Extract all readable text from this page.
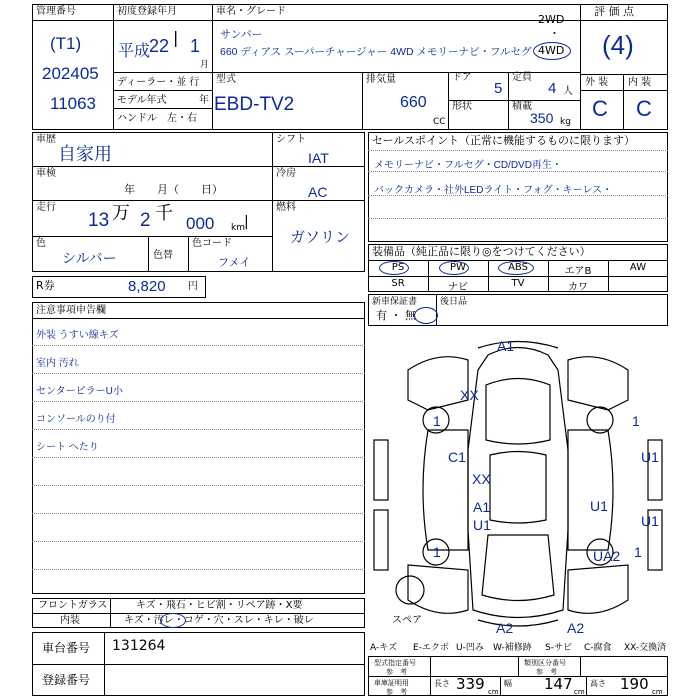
管理番号
(T1)
202405
11063
初度登録年月
平成
22 | 1
月
車名・グレード
サンバー
660 ディアス スーパーチャージャー 4WD メモリーナビ・フルセグ
2WD
・
4WD
評 価 点
(4)
外 装 内 装
C C
ディーラー・並 行
モデル年式	年
ハンドル　左・右
型式
EBD-TV2
排気量
660
CC
ドア
5
定員
4 人
形状	積載
350 kg
車歴
自家用
車検
年　　月（　　日）
走行
13 万 2 千 000 km |
色
シルバー	色替
色コード
フメイ
シフト
IAT
冷房
AC
燃料
ガソリン
R券	8,820 円
セールスポイント（正常に機能するものに限ります）
メモリーナビ・フルセグ・CD/DVD再生・
バックカメラ・社外LEDライト・フォグ・キーレス・
装備品（純正品に限り◎をつけてください）
PS	PW	ABS	エアB	AW
SR	ナビ	TV	カワ
新車保証書
有 ・ 無
後日品
注意事項申告欄
外装 うすい線キズ
室内 汚れ
センターピラーU小
コンソールのり付
シート へたり
フロントガラス	キズ・飛石・ヒビ割・リペア跡・X要
内装	キズ・汚レ・コゲ・穴・スレ・キレ・破レ
車台番号 131264
登録番号
A-キズ E-エクボ U-凹み W-補修跡 S-サビ C-腐食 XX-交換済
型式指定番号
参　考
類別区分番号
参　考
車庫証明用
参　考
長さ 339 cm
幅 147 cm
高さ 190 cm
スペア
A1
XX
1	1
C1	U1
XX
A1
U1
U1
U1
1	UA2 1
A2	A2
